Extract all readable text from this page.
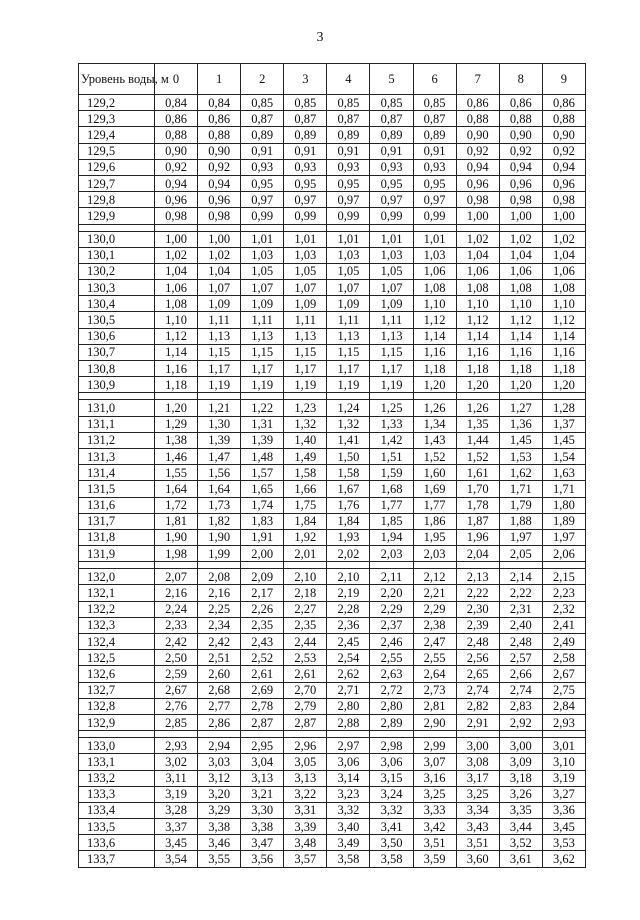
3
Уровень воды, м	0	1	2	3	4	5	6	7	8	9
129,2	0,84	0,84	0,85	0,85	0,85	0,85	0,85	0,86	0,86	0,86
129,3	0,86	0,86	0,87	0,87	0,87	0,87	0,87	0,88	0,88	0,88
129,4	0,88	0,88	0,89	0,89	0,89	0,89	0,89	0,90	0,90	0,90
129,5	0,90	0,90	0,91	0,91	0,91	0,91	0,91	0,92	0,92	0,92
129,6	0,92	0,92	0,93	0,93	0,93	0,93	0,93	0,94	0,94	0,94
129,7	0,94	0,94	0,95	0,95	0,95	0,95	0,95	0,96	0,96	0,96
129,8	0,96	0,96	0,97	0,97	0,97	0,97	0,97	0,98	0,98	0,98
129,9	0,98	0,98	0,99	0,99	0,99	0,99	0,99	1,00	1,00	1,00

130,0	1,00	1,00	1,01	1,01	1,01	1,01	1,01	1,02	1,02	1,02
130,1	1,02	1,02	1,03	1,03	1,03	1,03	1,03	1,04	1,04	1,04
130,2	1,04	1,04	1,05	1,05	1,05	1,05	1,06	1,06	1,06	1,06
130,3	1,06	1,07	1,07	1,07	1,07	1,07	1,08	1,08	1,08	1,08
130,4	1,08	1,09	1,09	1,09	1,09	1,09	1,10	1,10	1,10	1,10
130,5	1,10	1,11	1,11	1,11	1,11	1,11	1,12	1,12	1,12	1,12
130,6	1,12	1,13	1,13	1,13	1,13	1,13	1,14	1,14	1,14	1,14
130,7	1,14	1,15	1,15	1,15	1,15	1,15	1,16	1,16	1,16	1,16
130,8	1,16	1,17	1,17	1,17	1,17	1,17	1,18	1,18	1,18	1,18
130,9	1,18	1,19	1,19	1,19	1,19	1,19	1,20	1,20	1,20	1,20

131,0	1,20	1,21	1,22	1,23	1,24	1,25	1,26	1,26	1,27	1,28
131,1	1,29	1,30	1,31	1,32	1,32	1,33	1,34	1,35	1,36	1,37
131,2	1,38	1,39	1,39	1,40	1,41	1,42	1,43	1,44	1,45	1,45
131,3	1,46	1,47	1,48	1,49	1,50	1,51	1,52	1,52	1,53	1,54
131,4	1,55	1,56	1,57	1,58	1,58	1,59	1,60	1,61	1,62	1,63
131,5	1,64	1,64	1,65	1,66	1,67	1,68	1,69	1,70	1,71	1,71
131,6	1,72	1,73	1,74	1,75	1,76	1,77	1,77	1,78	1,79	1,80
131,7	1,81	1,82	1,83	1,84	1,84	1,85	1,86	1,87	1,88	1,89
131,8	1,90	1,90	1,91	1,92	1,93	1,94	1,95	1,96	1,97	1,97
131,9	1,98	1,99	2,00	2,01	2,02	2,03	2,03	2,04	2,05	2,06

132,0	2,07	2,08	2,09	2,10	2,10	2,11	2,12	2,13	2,14	2,15
132,1	2,16	2,16	2,17	2,18	2,19	2,20	2,21	2,22	2,22	2,23
132,2	2,24	2,25	2,26	2,27	2,28	2,29	2,29	2,30	2,31	2,32
132,3	2,33	2,34	2,35	2,35	2,36	2,37	2,38	2,39	2,40	2,41
132,4	2,42	2,42	2,43	2,44	2,45	2,46	2,47	2,48	2,48	2,49
132,5	2,50	2,51	2,52	2,53	2,54	2,55	2,55	2,56	2,57	2,58
132,6	2,59	2,60	2,61	2,61	2,62	2,63	2,64	2,65	2,66	2,67
132,7	2,67	2,68	2,69	2,70	2,71	2,72	2,73	2,74	2,74	2,75
132,8	2,76	2,77	2,78	2,79	2,80	2,80	2,81	2,82	2,83	2,84
132,9	2,85	2,86	2,87	2,87	2,88	2,89	2,90	2,91	2,92	2,93

133,0	2,93	2,94	2,95	2,96	2,97	2,98	2,99	3,00	3,00	3,01
133,1	3,02	3,03	3,04	3,05	3,06	3,06	3,07	3,08	3,09	3,10
133,2	3,11	3,12	3,13	3,13	3,14	3,15	3,16	3,17	3,18	3,19
133,3	3,19	3,20	3,21	3,22	3,23	3,24	3,25	3,25	3,26	3,27
133,4	3,28	3,29	3,30	3,31	3,32	3,32	3,33	3,34	3,35	3,36
133,5	3,37	3,38	3,38	3,39	3,40	3,41	3,42	3,43	3,44	3,45
133,6	3,45	3,46	3,47	3,48	3,49	3,50	3,51	3,51	3,52	3,53
133,7	3,54	3,55	3,56	3,57	3,58	3,58	3,59	3,60	3,61	3,62
